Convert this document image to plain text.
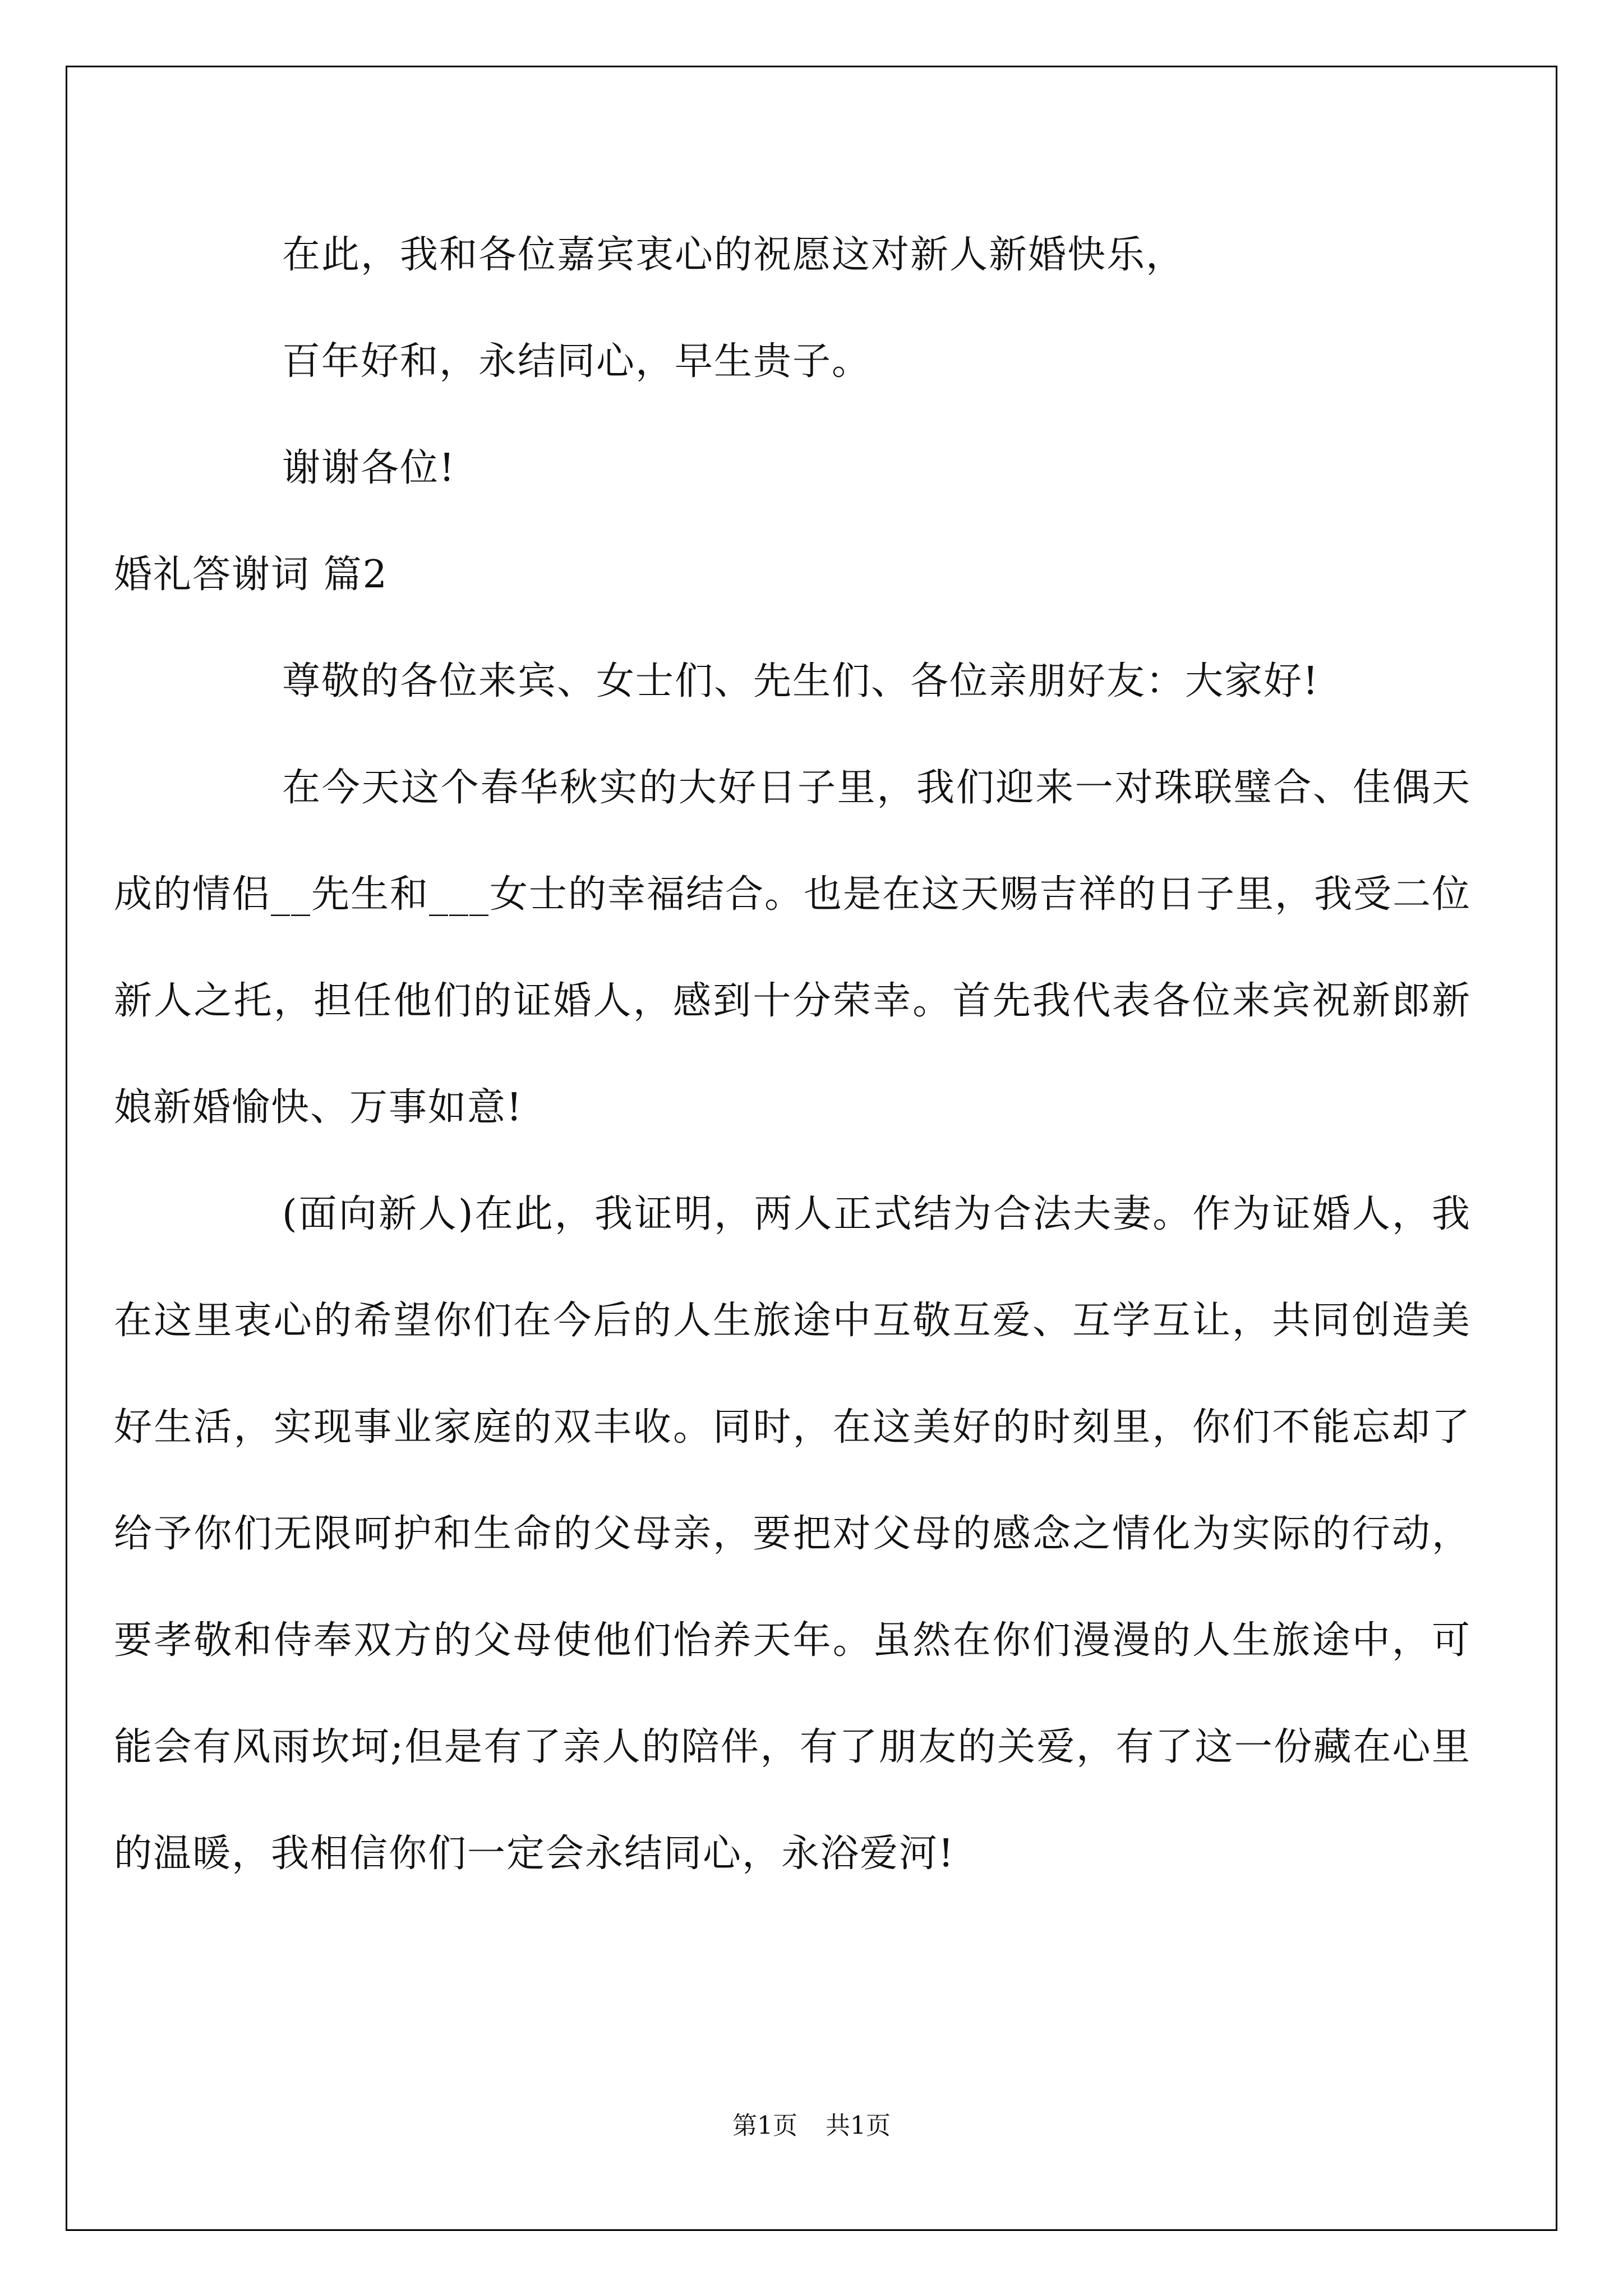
在此，我和各位嘉宾衷心的祝愿这对新人新婚快乐，

百年好和，永结同心，早生贵子。

谢谢各位!

婚礼答谢词 篇2

尊敬的各位来宾、女士们、先生们、各位亲朋好友：大家好!

在今天这个春华秋实的大好日子里，我们迎来一对珠联璧合、佳偶天成的情侣__先生和___女士的幸福结合。也是在这天赐吉祥的日子里，我受二位新人之托，担任他们的证婚人，感到十分荣幸。首先我代表各位来宾祝新郎新娘新婚愉快、万事如意!

(面向新人)在此，我证明，两人正式结为合法夫妻。作为证婚人，我在这里衷心的希望你们在今后的人生旅途中互敬互爱、互学互让，共同创造美好生活，实现事业家庭的双丰收。同时，在这美好的时刻里，你们不能忘却了给予你们无限呵护和生命的父母亲，要把对父母的感念之情化为实际的行动，要孝敬和侍奉双方的父母使他们怡养天年。虽然在你们漫漫的人生旅途中，可能会有风雨坎坷;但是有了亲人的陪伴，有了朋友的关爱，有了这一份藏在心里的温暖，我相信你们一定会永结同心，永浴爱河!

第1页 共1页
